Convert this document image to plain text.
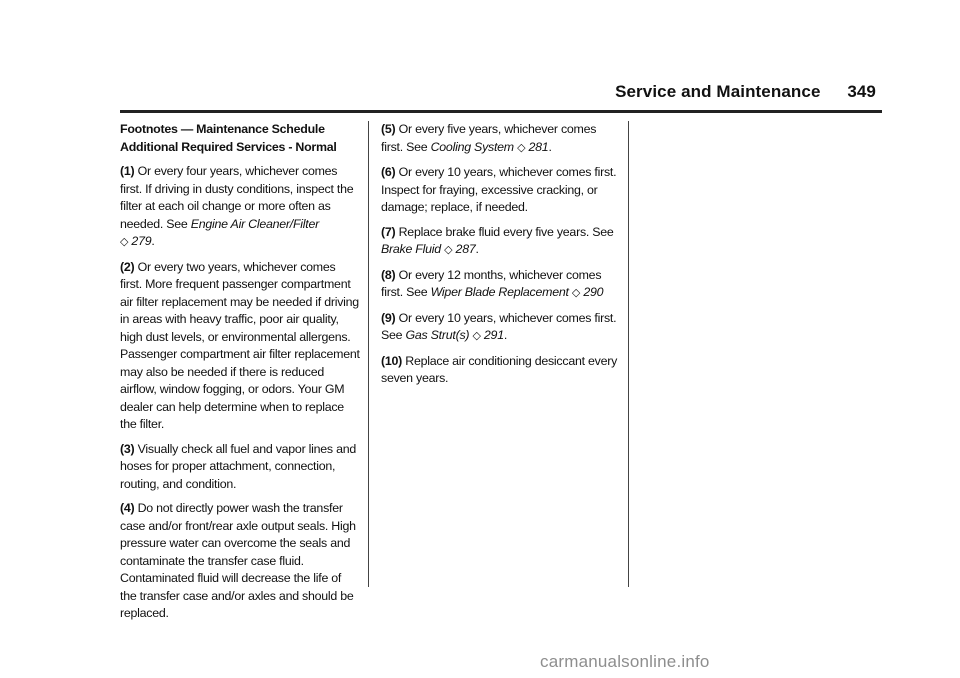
Service and Maintenance 349

Footnotes — Maintenance Schedule
Additional Required Services - Normal

(1) Or every four years, whichever comes first. If driving in dusty conditions, inspect the filter at each oil change or more often as needed. See Engine Air Cleaner/Filter
◇ 279.

(2) Or every two years, whichever comes first. More frequent passenger compartment air filter replacement may be needed if driving in areas with heavy traffic, poor air quality, high dust levels, or environmental allergens. Passenger compartment air filter replacement may also be needed if there is reduced airflow, window fogging, or odors. Your GM dealer can help determine when to replace the filter.

(3) Visually check all fuel and vapor lines and hoses for proper attachment, connection, routing, and condition.

(4) Do not directly power wash the transfer case and/or front/rear axle output seals. High pressure water can overcome the seals and contaminate the transfer case fluid. Contaminated fluid will decrease the life of the transfer case and/or axles and should be replaced.

(5) Or every five years, whichever comes first. See Cooling System ◇ 281.

(6) Or every 10 years, whichever comes first. Inspect for fraying, excessive cracking, or damage; replace, if needed.

(7) Replace brake fluid every five years. See
Brake Fluid ◇ 287.

(8) Or every 12 months, whichever comes first. See Wiper Blade Replacement ◇ 290

(9) Or every 10 years, whichever comes first. See Gas Strut(s) ◇ 291.

(10) Replace air conditioning desiccant every seven years.

carmanualsonline.info
